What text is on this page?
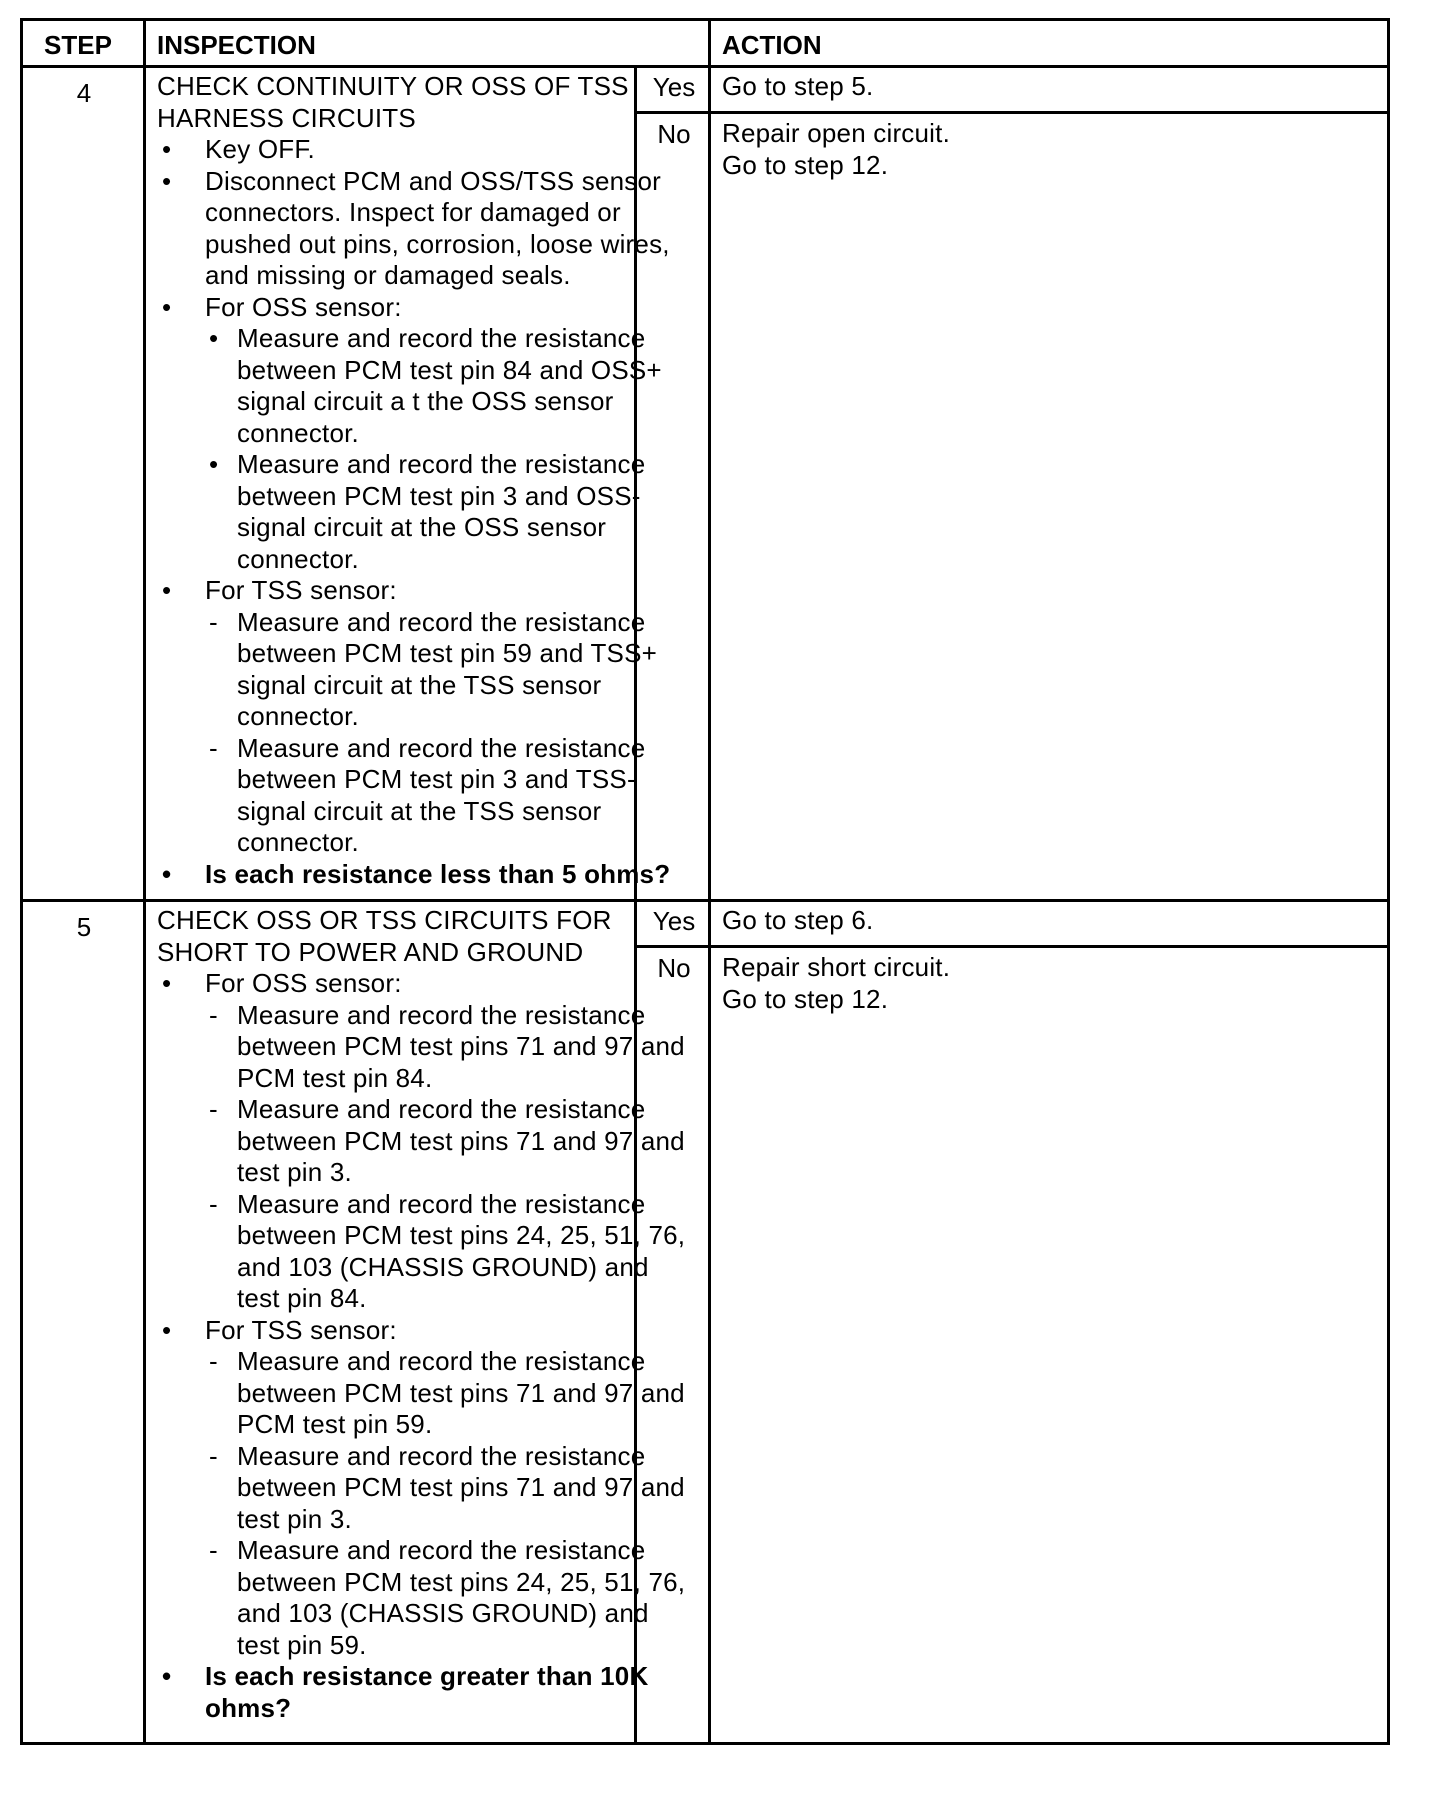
STEP INSPECTION	ACTION
4	CHECK CONTINUITY OR OSS OF TSS
HARNESS CIRCUITS
• Key OFF.
• Disconnect PCM and OSS/TSS sensor
connectors. Inspect for damaged or
pushed out pins, corrosion, loose wires,
and missing or damaged seals.
• For OSS sensor:
• Measure and record the resistance
between PCM test pin 84 and OSS+
signal circuit a t the OSS sensor
connector.
• Measure and record the resistance
between PCM test pin 3 and OSS-
signal circuit at the OSS sensor
connector.
• For TSS sensor:
- Measure and record the resistance
between PCM test pin 59 and TSS+
signal circuit at the TSS sensor
connector.
- Measure and record the resistance
between PCM test pin 3 and TSS-
signal circuit at the TSS sensor
connector.
• Is each resistance less than 5 ohms?
Yes	Go to step 5.
No	Repair open circuit.
Go to step 12.
5	CHECK OSS OR TSS CIRCUITS FOR
SHORT TO POWER AND GROUND
• For OSS sensor:
- Measure and record the resistance
between PCM test pins 71 and 97 and
PCM test pin 84.
- Measure and record the resistance
between PCM test pins 71 and 97 and
test pin 3.
- Measure and record the resistance
between PCM test pins 24, 25, 51, 76,
and 103 (CHASSIS GROUND) and
test pin 84.
• For TSS sensor:
- Measure and record the resistance
between PCM test pins 71 and 97 and
PCM test pin 59.
- Measure and record the resistance
between PCM test pins 71 and 97 and
test pin 3.
- Measure and record the resistance
between PCM test pins 24, 25, 51, 76,
and 103 (CHASSIS GROUND) and
test pin 59.
• Is each resistance greater than 10K
ohms?
Yes	Go to step 6.
No	Repair short circuit.
Go to step 12.
